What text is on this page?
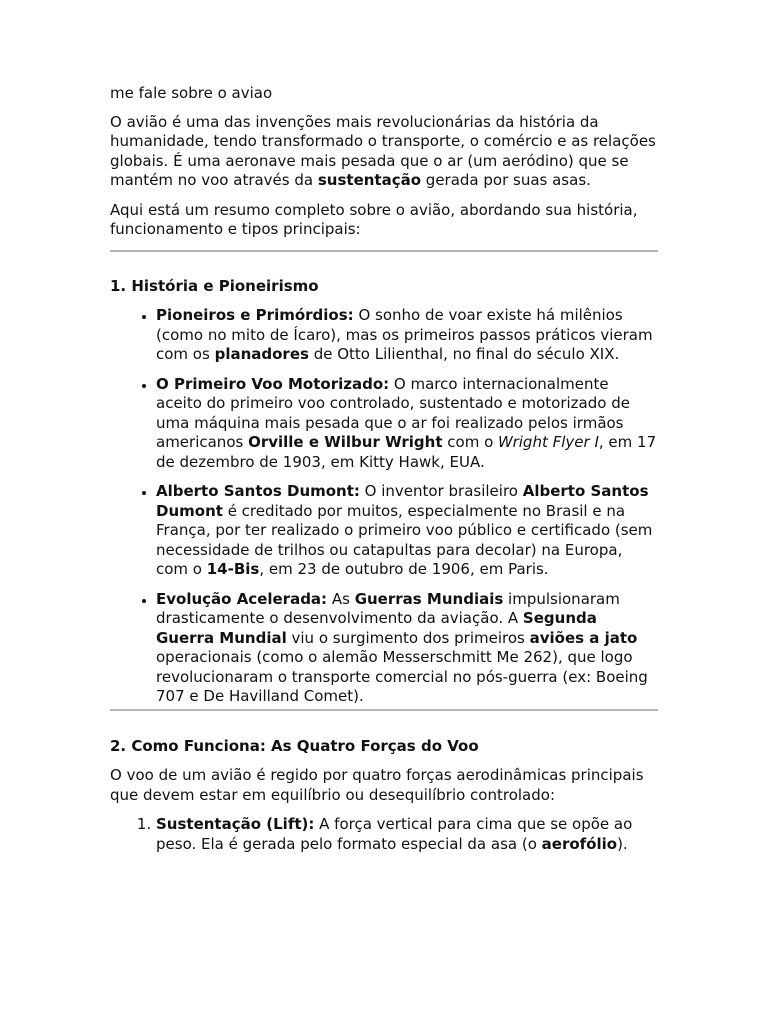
me fale sobre o aviao

O avião é uma das invenções mais revolucionárias da história da humanidade, tendo transformado o transporte, o comércio e as relações globais. É uma aeronave mais pesada que o ar (um aeródino) que se mantém no voo através da sustentação gerada por suas asas.

Aqui está um resumo completo sobre o avião, abordando sua história, funcionamento e tipos principais:

1. História e Pioneirismo
• Pioneiros e Primórdios: O sonho de voar existe há milênios (como no mito de Ícaro), mas os primeiros passos práticos vieram com os planadores de Otto Lilienthal, no final do século XIX.
• O Primeiro Voo Motorizado: O marco internacionalmente aceito do primeiro voo controlado, sustentado e motorizado de uma máquina mais pesada que o ar foi realizado pelos irmãos americanos Orville e Wilbur Wright com o Wright Flyer I, em 17 de dezembro de 1903, em Kitty Hawk, EUA.
• Alberto Santos Dumont: O inventor brasileiro Alberto Santos Dumont é creditado por muitos, especialmente no Brasil e na França, por ter realizado o primeiro voo público e certificado (sem necessidade de trilhos ou catapultas para decolar) na Europa, com o 14-Bis, em 23 de outubro de 1906, em Paris.
• Evolução Acelerada: As Guerras Mundiais impulsionaram drasticamente o desenvolvimento da aviação. A Segunda Guerra Mundial viu o surgimento dos primeiros aviões a jato operacionais (como o alemão Messerschmitt Me 262), que logo revolucionaram o transporte comercial no pós-guerra (ex: Boeing 707 e De Havilland Comet).
2. Como Funciona: As Quatro Forças do Voo

O voo de um avião é regido por quatro forças aerodinâmicas principais que devem estar em equilíbrio ou desequilíbrio controlado:

1. Sustentação (Lift): A força vertical para cima que se opõe ao peso. Ela é gerada pelo formato especial da asa (o aerofólio).
